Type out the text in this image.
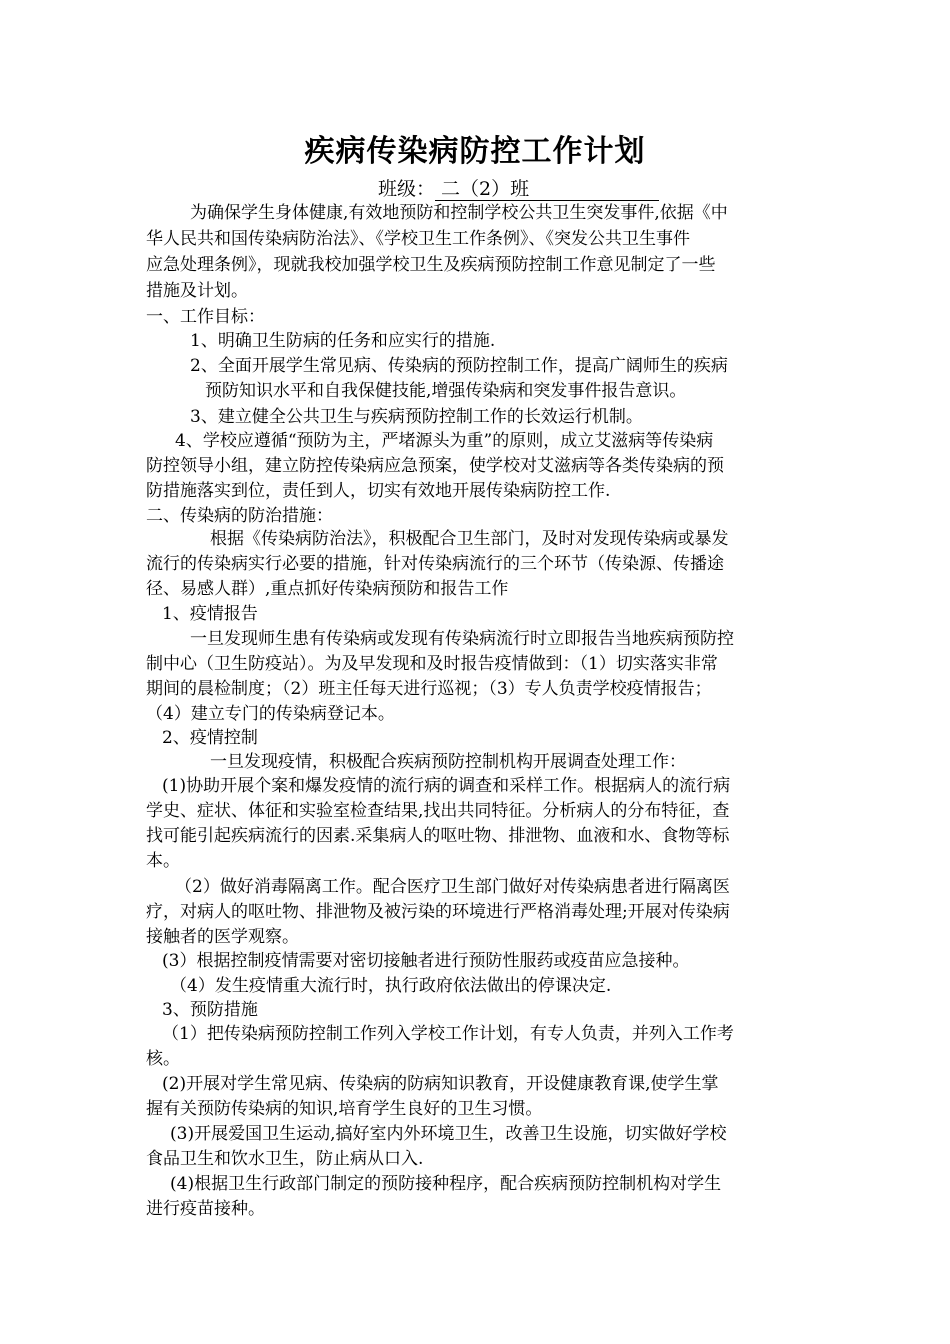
疾病传染病防控工作计划
班级： 二（2）班
为确保学生身体健康,有效地预防和控制学校公共卫生突发事件,依据《中
华人民共和国传染病防治法》、《学校卫生工作条例》、《突发公共卫生事件
应急处理条例》，现就我校加强学校卫生及疾病预防控制工作意见制定了一些
措施及计划。
一、工作目标：
1、明确卫生防病的任务和应实行的措施.
2、全面开展学生常见病、传染病的预防控制工作，提高广阔师生的疾病
预防知识水平和自我保健技能,增强传染病和突发事件报告意识。
3、建立健全公共卫生与疾病预防控制工作的长效运行机制。
4、学校应遵循“预防为主，严堵源头为重”的原则，成立艾滋病等传染病
防控领导小组，建立防控传染病应急预案，使学校对艾滋病等各类传染病的预
防措施落实到位，责任到人，切实有效地开展传染病防控工作.
二、传染病的防治措施：
根据《传染病防治法》，积极配合卫生部门，及时对发现传染病或暴发
流行的传染病实行必要的措施，针对传染病流行的三个环节（传染源、传播途
径、易感人群）,重点抓好传染病预防和报告工作
1、疫情报告
一旦发现师生患有传染病或发现有传染病流行时立即报告当地疾病预防控
制中心（卫生防疫站）。为及早发现和及时报告疫情做到：（1）切实落实非常
期间的晨检制度；（2）班主任每天进行巡视；（3）专人负责学校疫情报告；
（4）建立专门的传染病登记本。
2、疫情控制
一旦发现疫情，积极配合疾病预防控制机构开展调查处理工作：
(1)协助开展个案和爆发疫情的流行病的调查和采样工作。根据病人的流行病
学史、症状、体征和实验室检查结果,找出共同特征。分析病人的分布特征，查
找可能引起疾病流行的因素.采集病人的呕吐物、排泄物、血液和水、食物等标
本。
（2）做好消毒隔离工作。配合医疗卫生部门做好对传染病患者进行隔离医
疗，对病人的呕吐物、排泄物及被污染的环境进行严格消毒处理;开展对传染病
接触者的医学观察。
(3）根据控制疫情需要对密切接触者进行预防性服药或疫苗应急接种。
（4）发生疫情重大流行时，执行政府依法做出的停课决定.
3、预防措施
（1）把传染病预防控制工作列入学校工作计划，有专人负责，并列入工作考
核。
(2)开展对学生常见病、传染病的防病知识教育，开设健康教育课,使学生掌
握有关预防传染病的知识,培育学生良好的卫生习惯。
(3)开展爱国卫生运动,搞好室内外环境卫生，改善卫生设施，切实做好学校
食品卫生和饮水卫生，防止病从口入.
(4)根据卫生行政部门制定的预防接种程序，配合疾病预防控制机构对学生
进行疫苗接种。
